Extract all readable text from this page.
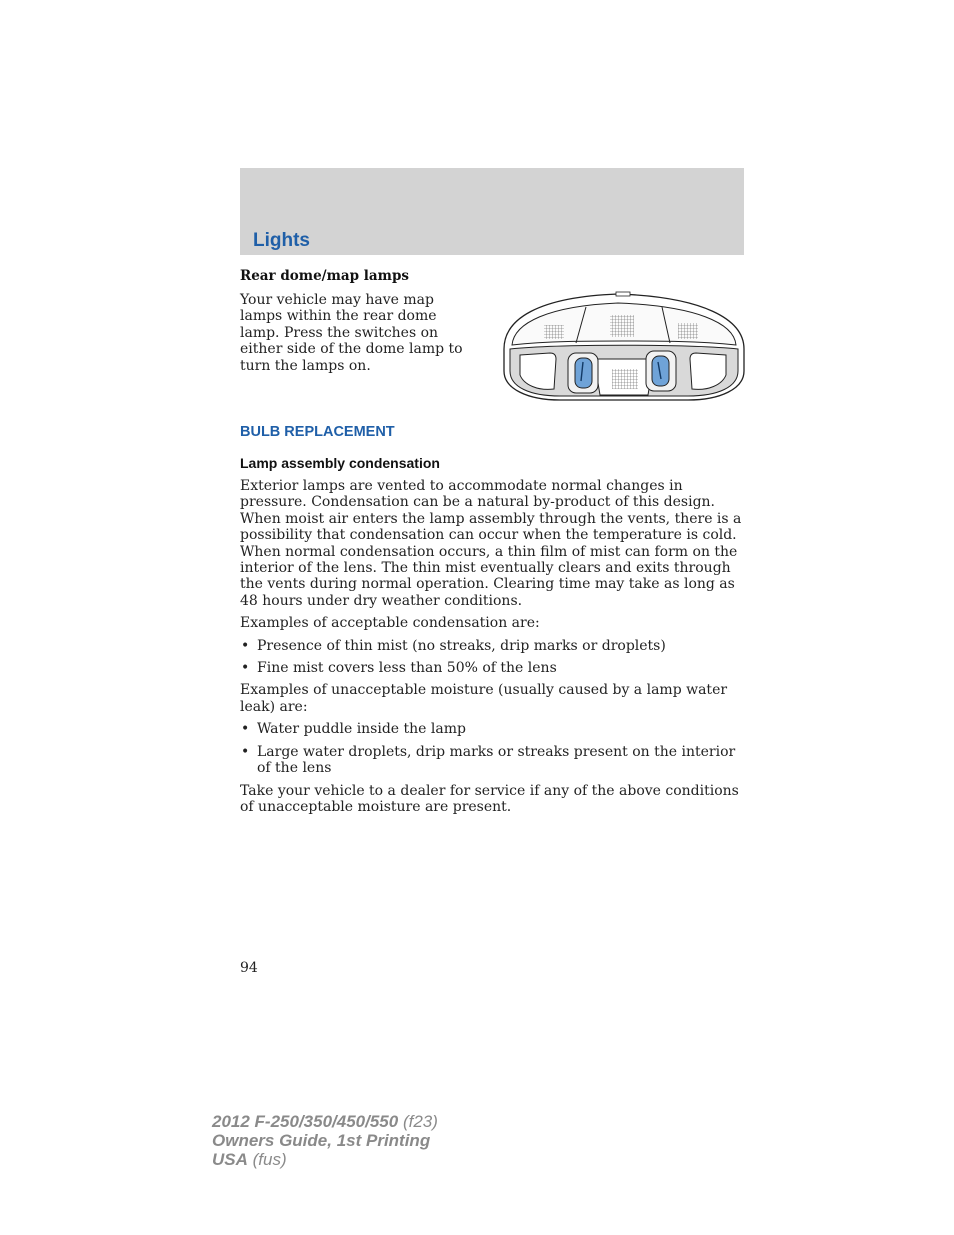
Lights
Rear dome/map lamps
Your vehicle may have map lamps within the rear dome lamp. Press the switches on either side of the dome lamp to turn the lamps on.
BULB REPLACEMENT
Lamp assembly condensation

Exterior lamps are vented to accommodate normal changes in pressure. Condensation can be a natural by-product of this design. When moist air enters the lamp assembly through the vents, there is a possibility that condensation can occur when the temperature is cold. When normal condensation occurs, a thin film of mist can form on the interior of the lens. The thin mist eventually clears and exits through the vents during normal operation. Clearing time may take as long as 48 hours under dry weather conditions.

Examples of acceptable condensation are:

• Presence of thin mist (no streaks, drip marks or droplets)
• Fine mist covers less than 50% of the lens

Examples of unacceptable moisture (usually caused by a lamp water leak) are:

• Water puddle inside the lamp
• Large water droplets, drip marks or streaks present on the interior of the lens

Take your vehicle to a dealer for service if any of the above conditions of unacceptable moisture are present.

94
2012 F-250/350/450/550 (f23)
Owners Guide, 1st Printing
USA (fus)
